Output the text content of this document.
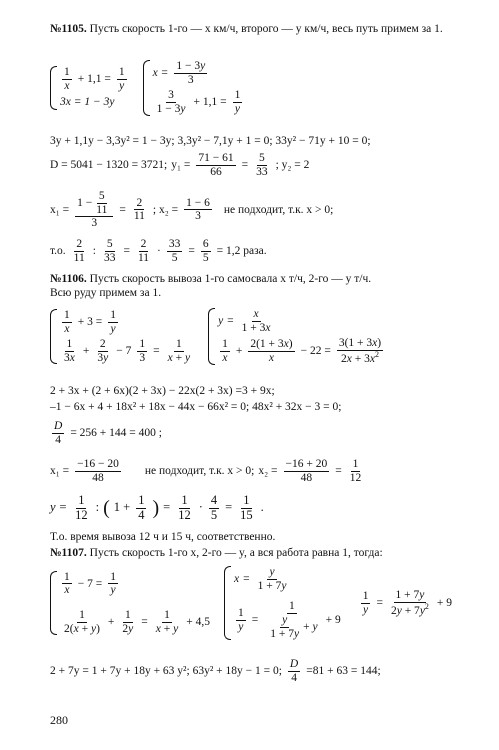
№1105. Пусть скорость 1-го — x км/ч, второго — y км/ч, весь путь примем за 1.
1
x
+ $1,1 = \frac{1}{y}$
3x = 1 − 3y
$x = \frac{1 - 3y}{3}$
3
1 − 3y
+ $1,1 = \frac{1}{y}$
3y + 1,1y − 3,3y² = 1 − 3y; 3,3y² − 7,1y + 1 = 0; 33y² − 71y + 10 = 0;
D = 5041 − 1320 = 3721; $y_1 = \frac{71 - 61}{66} = \frac{5}{33}$ ; y₂ = 2
$x_1 = \frac{1 - \frac{5}{11}}{3} = \frac{2}{11}$ ; $x_2 = \frac{1 - 6}{3}$ не подходит, т.к. x > 0;
т.о.
2
11
: $\frac{5}{33} = \frac{2}{11} \cdot \frac{33}{5} = \frac{6}{5} = 1,2$ раза.
№1106. Пусть скорость вывоза 1-го самосвала x т/ч, 2-го — y т/ч.
Всю руду примем за 1.
1
x
+ 3 =
1
y
1
3x
+
2
3y
− 7
1
3
=
1
x + y
y =
x
1 + 3x
1
x
+
2(1 + 3x)
x
− 22 =
3(1 + 3x)
$2x + 3x^2$
2 + 3x + (2 + 6x)(2 + 3x) − 22x(2 + 3x) =3 + 9x;
–1 − 6x + 4 + 18x² + 18x − 44x − 66x² = 0; 48x² + 32x − 3 = 0;
$\frac{D}{4} = 256 + 144 = 400$ ;
$x_1 = \frac{-16 - 20}{48}$ не подходит, т.к. x > 0; $x_2 = \frac{-16 + 20}{48} = \frac{1}{12}$
$y = \frac{1}{12}$ : ( 1 +
1
4 ) =
1
12
·
4
5
=
1
15
.
Т.о. время вывоза 12 ч и 15 ч, соответственно.
№1107. Пусть скорость 1-го x, 2-го — y, а вся работа равна 1, тогда:
1
x
− 7 =
1
y
1
2(x + y)
+
1
2y
=
1
x + y
+ 4,5
x =
y
1 + 7y
1
y
=
1
$\frac{y}{1 + 7y} + y$
+ 9
1
y
=
1 + 7y
$2y + 7y^2 + 9$
2 + 7y = 1 + 7y + 18y + 63 y²; 63y² + 18y − 1 = 0; $\frac{D}{4} =81 + 63 = 144$;
280
